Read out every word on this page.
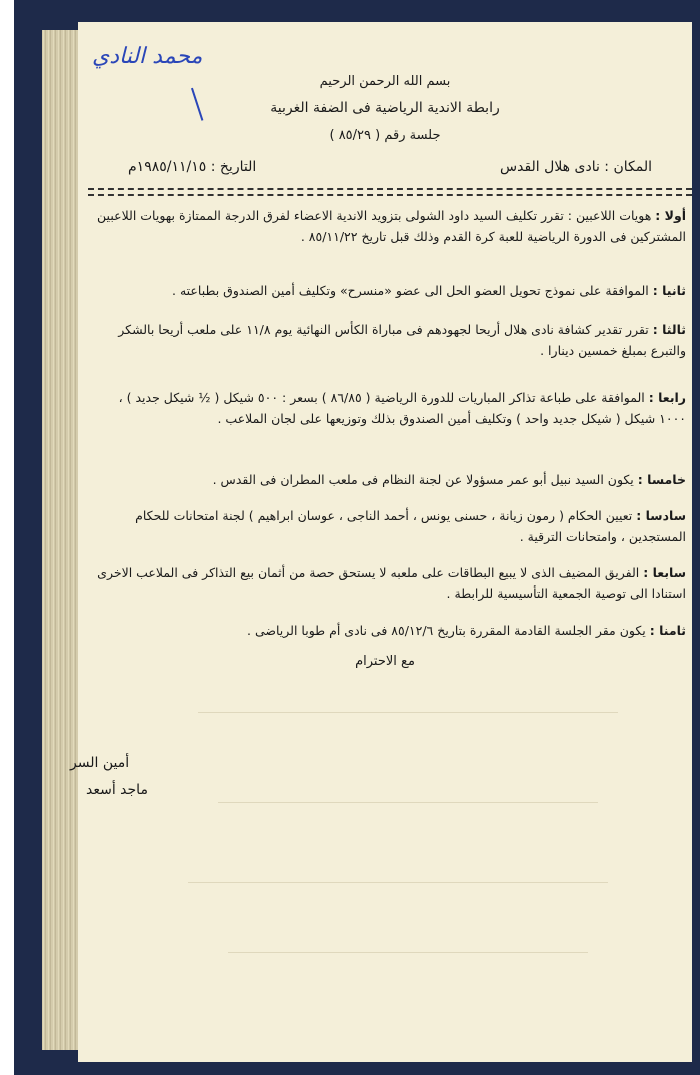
محمد النادي
بسم الله الرحمن الرحيم
رابطة الاندية الرياضية فى الضفة الغربية
جلسة رقم ( ٨٥/٢٩ )
المكان : نادى هلال القدس
التاريخ : ١٩٨٥/١١/١٥م
أولا : هويات اللاعبين : تقرر تكليف السيد داود الشولى بتزويد الاندية الاعضاء لفرق الدرجة الممتازة بهويات اللاعبين المشتركين فى الدورة الرياضية للعبة كرة القدم وذلك قبل تاريخ ٨٥/١١/٢٢ .
ثانيا : الموافقة على نموذج تحويل العضو الحل الى عضو «منسرح» وتكليف أمين الصندوق بطباعته .
ثالثا : تقرر تقدير كشافة نادى هلال أريحا لجهودهم فى مباراة الكأس النهائية يوم ١١/٨ على ملعب أريحا بالشكر والتبرع بمبلغ خمسين دينارا .
رابعا : الموافقة على طباعة تذاكر المباريات للدورة الرياضية ( ٨٦/٨٥ ) بسعر : ٥٠٠ شيكل ( ½ شيكل جديد ) ، ١٠٠٠ شيكل ( شيكل جديد واحد ) وتكليف أمين الصندوق بذلك وتوزيعها على لجان الملاعب .
خامسا : يكون السيد نبيل أبو عمر مسؤولا عن لجنة النظام فى ملعب المطران فى القدس .
سادسا : تعيين الحكام ( رمون زيانة ، حسنى يونس ، أحمد الناجى ، عوسان ابراهيم ) لجنة امتحانات للحكام المستجدين ، وامتحانات الترقية .
سابعا : الفريق المضيف الذى لا يبيع البطاقات على ملعبه لا يستحق حصة من أثمان بيع التذاكر فى الملاعب الاخرى استنادا الى توصية الجمعية التأسيسية للرابطة .
ثامنا : يكون مقر الجلسة القادمة المقررة بتاريخ ٨٥/١٢/٦ فى نادى أم طوبا الرياضى .
مع الاحترام
أمين السر
ماجد أسعد
